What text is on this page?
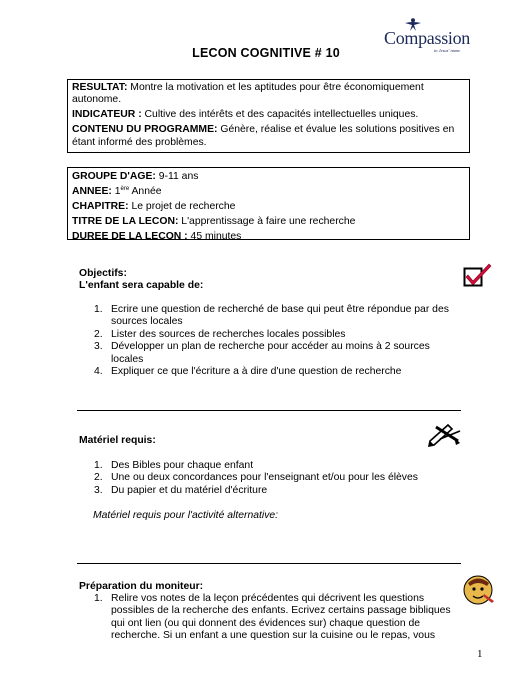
LECON COGNITIVE # 10
Compassion
in Jesus' name

RESULTAT: Montre la motivation et les aptitudes pour être économiquement autonome.

INDICATEUR : Cultive des intérêts et des capacités intellectuelles uniques.

CONTENU DU PROGRAMME: Génère, réalise et évalue les solutions positives en étant informé des problèmes.

GROUPE D'AGE: 9-11 ans

ANNEE: 1ère Année

CHAPITRE: Le projet de recherche

TITRE DE LA LECON: L'apprentissage à faire une recherche

DUREE DE LA LECON : 45 minutes

Objectifs:
L'enfant sera capable de:
1. Ecrire une question de recherché de base qui peut être répondue par des sources locales
2. Lister des sources de recherches locales possibles
3. Développer un plan de recherche pour accéder au moins à 2 sources locales
4. Expliquer ce que l'écriture a à dire d'une question de recherche
Matériel requis:
1. Des Bibles pour chaque enfant
2. Une ou deux concordances pour l'enseignant et/ou pour les élèves
3. Du papier et du matériel d'écriture
Matériel requis pour l'activité alternative:
Préparation du moniteur:
1. Relire vos notes de la leçon précédentes qui décrivent les questions possibles de la recherche des enfants. Ecrivez certains passage bibliques qui ont lien (ou qui donnent des évidences sur) chaque question de recherche. Si un enfant a une question sur la cuisine ou le repas, vous
1
